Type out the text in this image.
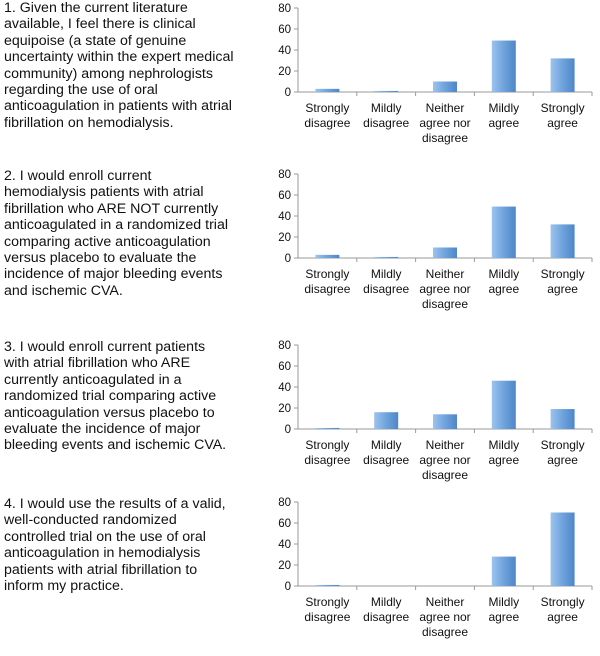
1. Given the current literature
available, I feel there is clinical
equipoise (a state of genuine
uncertainty within the expert medical
community) among nephrologists
regarding the use of oral
anticoagulation in patients with atrial
fibrillation on hemodialysis.
2. I would enroll current
hemodialysis patients with atrial
fibrillation who ARE NOT currently
anticoagulated in a randomized trial
comparing active anticoagulation
versus placebo to evaluate the
incidence of major bleeding events
and ischemic CVA.
3. I would enroll current patients
with atrial fibrillation who ARE
currently anticoagulated in a
randomized trial comparing active
anticoagulation versus placebo to
evaluate the incidence of major
bleeding events and ischemic CVA.
4. I would use the results of a valid,
well-conducted randomized
controlled trial on the use of oral
anticoagulation in hemodialysis
patients with atrial fibrillation to
inform my practice.
0
20
40
60
80
Strongly
disagree
Mildly
disagree
Neither
agree nor
disagree
Mildly
agree
Strongly
agree
0
20
40
60
80
Strongly
disagree
Mildly
disagree
Neither
agree nor
disagree
Mildly
agree
Strongly
agree
0
20
40
60
80
Strongly
disagree
Mildly
disagree
Neither
agree nor
disagree
Mildly
agree
Strongly
agree
0
20
40
60
80
Strongly
disagree
Mildly
disagree
Neither
agree nor
disagree
Mildly
agree
Strongly
agree
